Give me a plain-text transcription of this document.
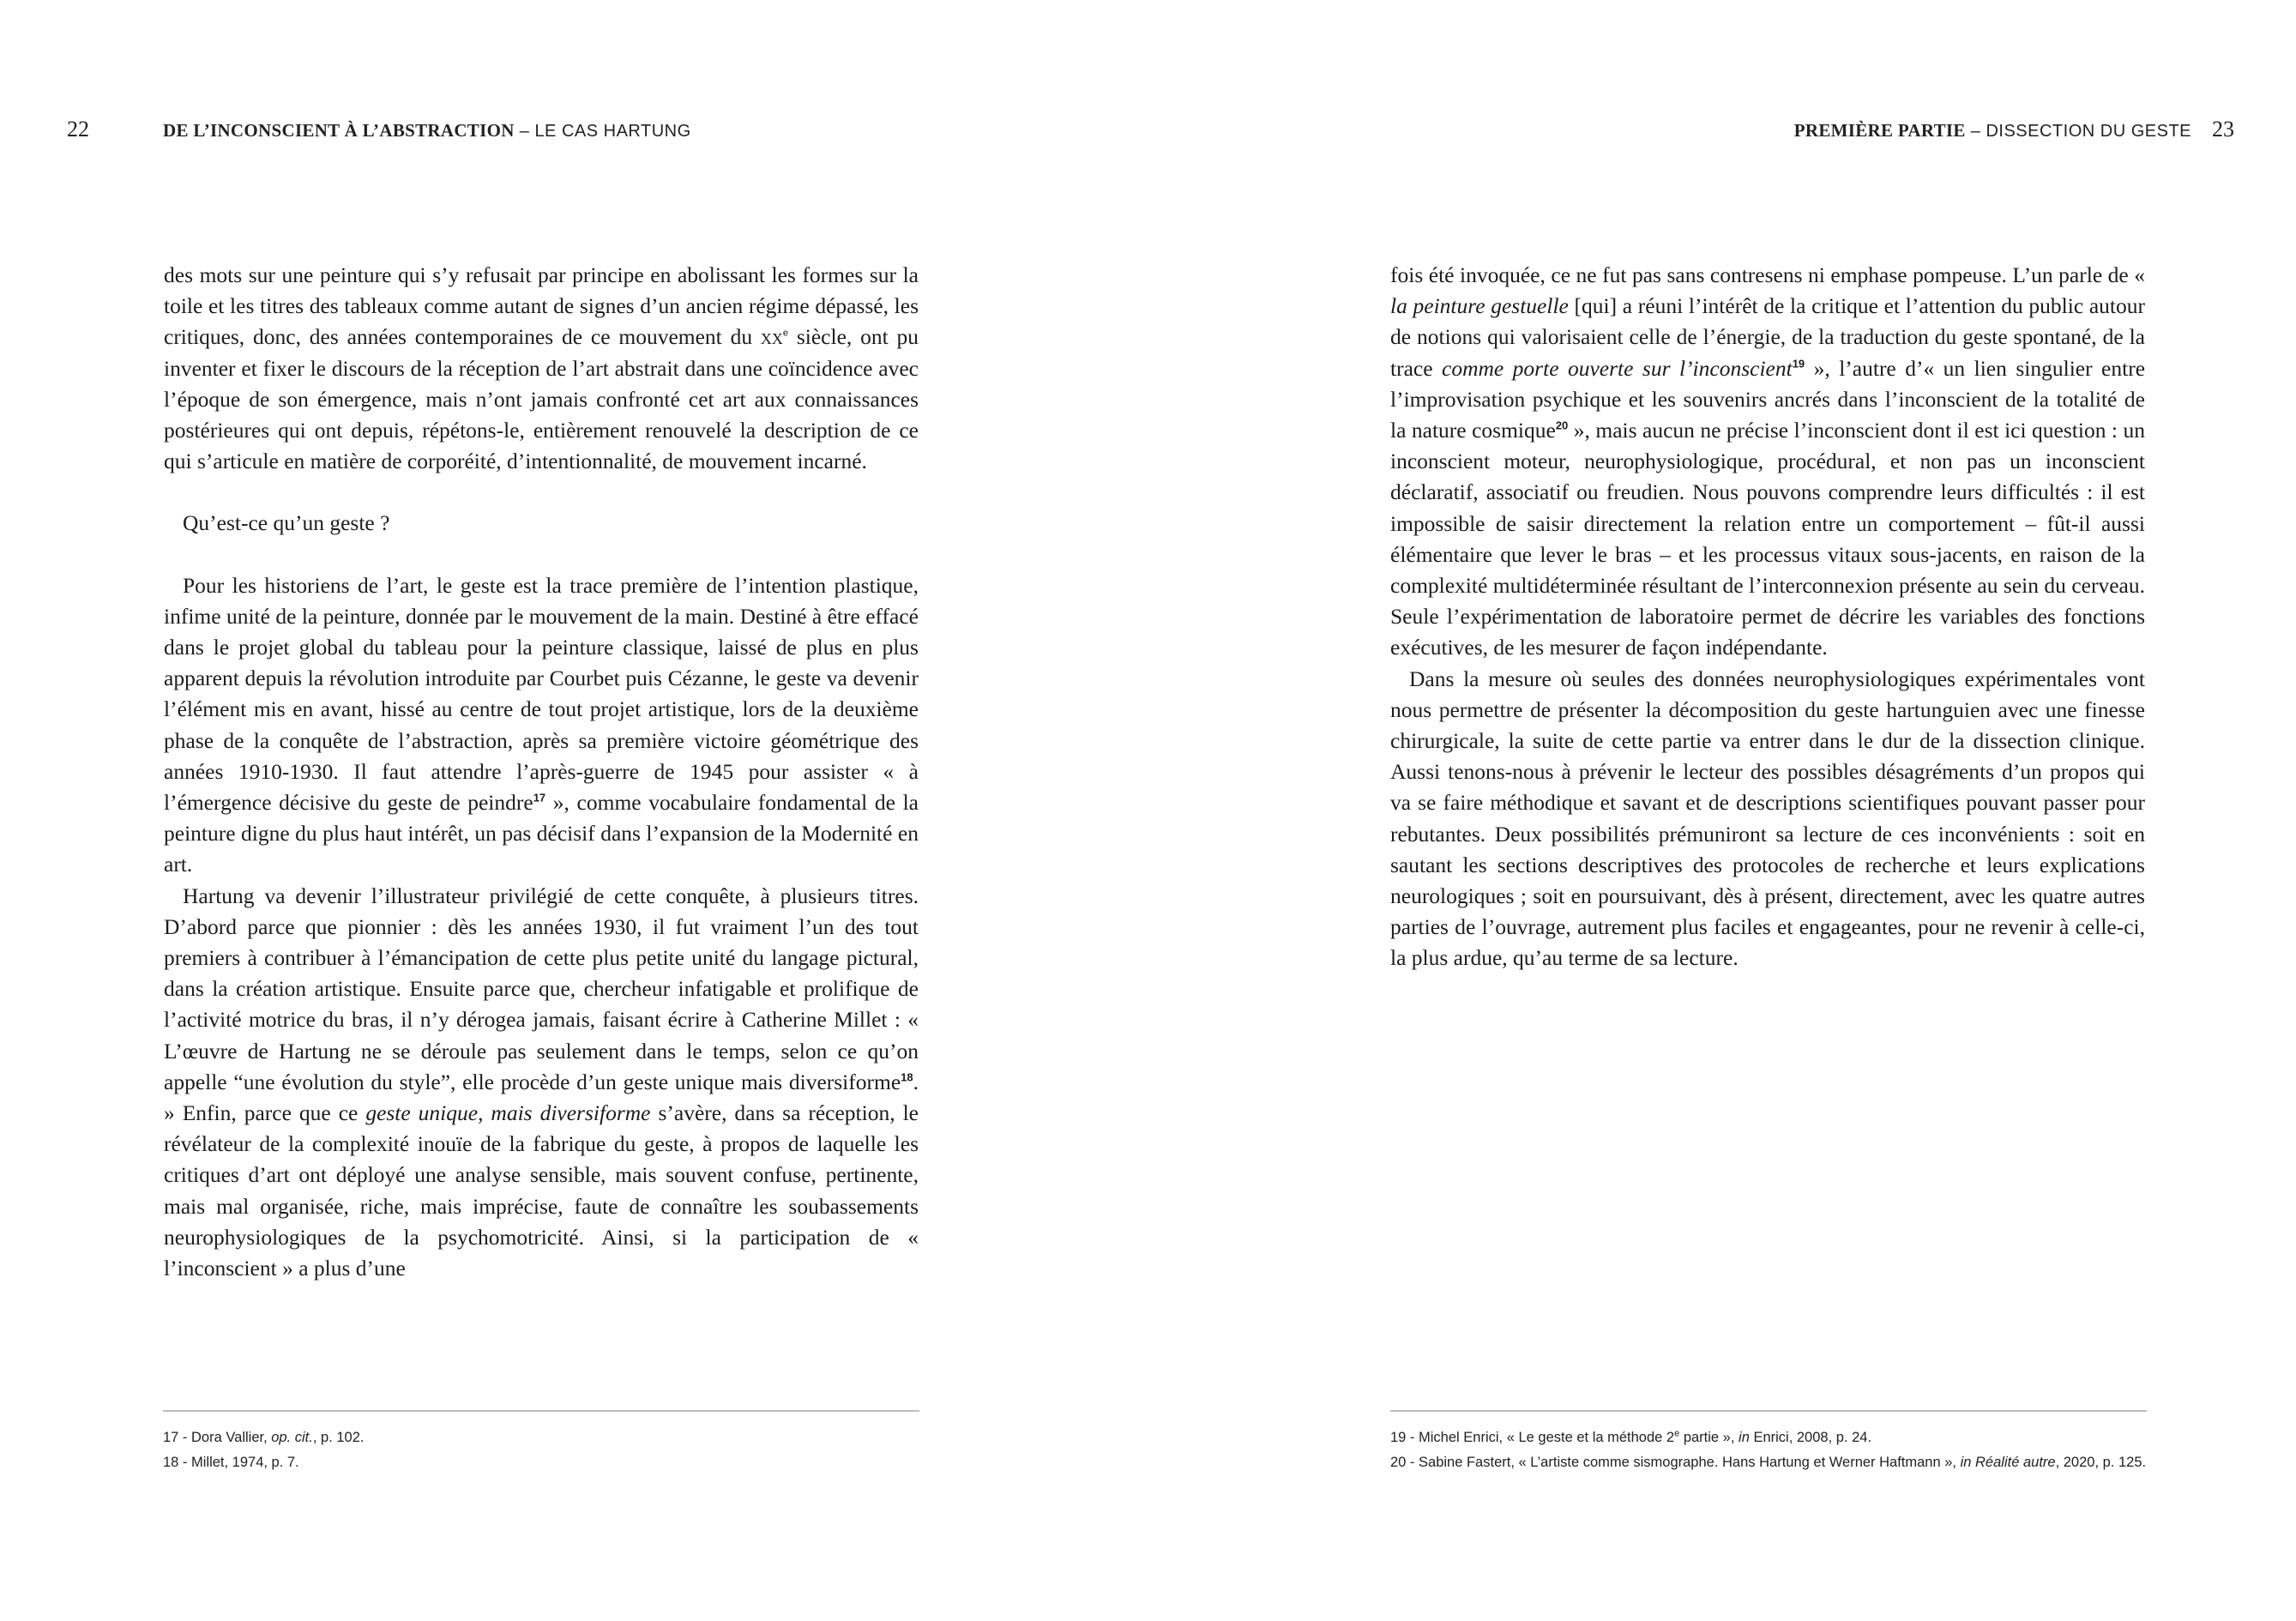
22	DE L’INCONSCIENT À L’ABSTRACTION – LE CAS HARTUNG

des mots sur une peinture qui s’y refusait par principe en abolissant les formes sur la toile et les titres des tableaux comme autant de signes d’un ancien régime dépassé, les critiques, donc, des années contemporaines de ce mouvement du xx$^e$ siècle, ont pu inventer et fixer le discours de la réception de l’art abstrait dans une coïncidence avec l’époque de son émergence, mais n’ont jamais confronté cet art aux connaissances postérieures qui ont depuis, répétons-le, entièrement renouvelé la description de ce qui s’articule en matière de corporéité, d’intentionnalité, de mouvement incarné.

Qu’est-ce qu’un geste ?

Pour les historiens de l’art, le geste est la trace première de l’intention plastique, infime unité de la peinture, donnée par le mouvement de la main. Destiné à être effacé dans le projet global du tableau pour la peinture classique, laissé de plus en plus apparent depuis la révolution introduite par Courbet puis Cézanne, le geste va devenir l’élément mis en avant, hissé au centre de tout projet artistique, lors de la deuxième phase de la conquête de l’abstraction, après sa première victoire géométrique des années 1910-1930. Il faut attendre l’après-guerre de 1945 pour assister « à l’émergence décisive du geste de peindre$^{17}$ », comme vocabulaire fondamental de la peinture digne du plus haut intérêt, un pas décisif dans l’expansion de la Modernité en art.

Hartung va devenir l’illustrateur privilégié de cette conquête, à plusieurs titres. D’abord parce que pionnier : dès les années 1930, il fut vraiment l’un des tout premiers à contribuer à l’émancipation de cette plus petite unité du langage pictural, dans la création artistique. Ensuite parce que, chercheur infatigable et prolifique de l’activité motrice du bras, il n’y dérogea jamais, faisant écrire à Catherine Millet : « L’œuvre de Hartung ne se déroule pas seulement dans le temps, selon ce qu’on appelle “une évolution du style”, elle procède d’un geste unique mais diversiforme$^{18}$. » Enfin, parce que ce geste unique, mais diversiforme s’avère, dans sa réception, le révélateur de la complexité inouïe de la fabrique du geste, à propos de laquelle les critiques d’art ont déployé une analyse sensible, mais souvent confuse, pertinente, mais mal organisée, riche, mais imprécise, faute de connaître les soubassements neurophysiologiques de la psychomotricité. Ainsi, si la participation de « l’inconscient » a plus d’une

17 - Dora Vallier, op. cit., p. 102.

18 - Millet, 1974, p. 7.

PREMIÈRE PARTIE – DISSECTION DU GESTE 23

fois été invoquée, ce ne fut pas sans contresens ni emphase pompeuse. L’un parle de « la peinture gestuelle [qui] a réuni l’intérêt de la critique et l’attention du public autour de notions qui valorisaient celle de l’énergie, de la traduction du geste spontané, de la trace comme porte ouverte sur l’inconscient$^{19}$ », l’autre d’« un lien singulier entre l’improvisation psychique et les souvenirs ancrés dans l’inconscient de la totalité de la nature cosmique$^{20}$ », mais aucun ne précise l’inconscient dont il est ici question : un inconscient moteur, neurophysiologique, procédural, et non pas un inconscient déclaratif, associatif ou freudien. Nous pouvons comprendre leurs difficultés : il est impossible de saisir directement la relation entre un comportement – fût-il aussi élémentaire que lever le bras – et les processus vitaux sous-jacents, en raison de la complexité multidéterminée résultant de l’interconnexion présente au sein du cerveau. Seule l’expérimentation de laboratoire permet de décrire les variables des fonctions exécutives, de les mesurer de façon indépendante.

Dans la mesure où seules des données neurophysiologiques expérimentales vont nous permettre de présenter la décomposition du geste hartunguien avec une finesse chirurgicale, la suite de cette partie va entrer dans le dur de la dissection clinique. Aussi tenons-nous à prévenir le lecteur des possibles désagréments d’un propos qui va se faire méthodique et savant et de descriptions scientifiques pouvant passer pour rebutantes. Deux possibilités prémuniront sa lecture de ces inconvénients : soit en sautant les sections descriptives des protocoles de recherche et leurs explications neurologiques ; soit en poursuivant, dès à présent, directement, avec les quatre autres parties de l’ouvrage, autrement plus faciles et engageantes, pour ne revenir à celle-ci, la plus ardue, qu’au terme de sa lecture.

19 - Michel Enrici, « Le geste et la méthode 2e partie », in Enrici, 2008, p. 24.

20 - Sabine Fastert, « L’artiste comme sismographe. Hans Hartung et Werner Haftmann », in Réalité autre, 2020, p. 125.
